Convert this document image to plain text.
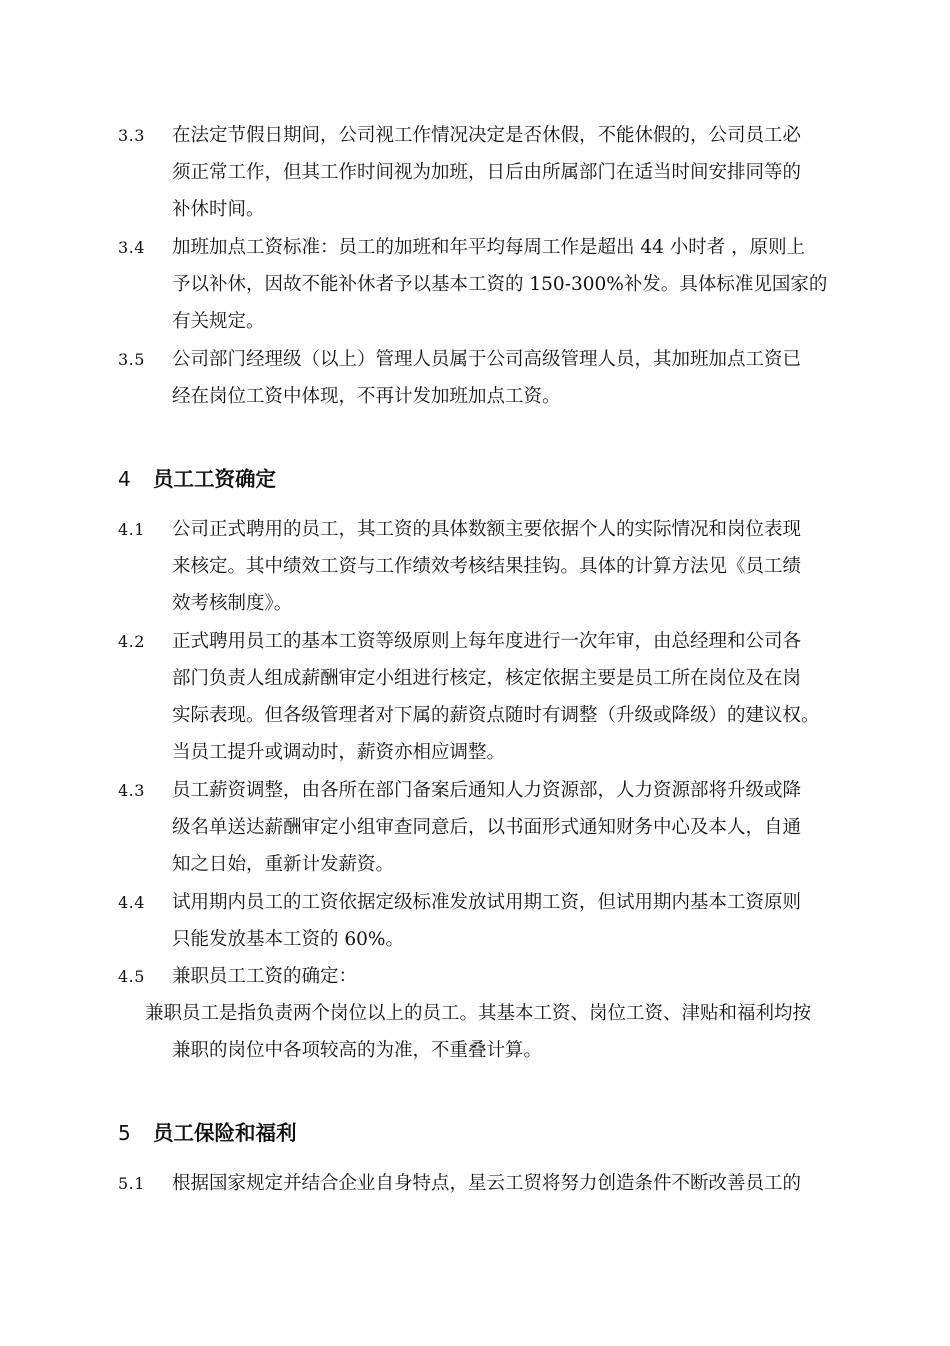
3.3 在法定节假日期间，公司视工作情况决定是否休假，不能休假的，公司员工必
须正常工作，但其工作时间视为加班，日后由所属部门在适当时间安排同等的
补休时间。
3.4 加班加点工资标准：员工的加班和年平均每周工作是超出 44 小时者 ，原则上
予以补休，因故不能补休者予以基本工资的 150-300%补发。具体标准见国家的
有关规定。
3.5 公司部门经理级（以上）管理人员属于公司高级管理人员，其加班加点工资已
经在岗位工资中体现，不再计发加班加点工资。
4 员工工资确定
4.1 公司正式聘用的员工，其工资的具体数额主要依据个人的实际情况和岗位表现
来核定。其中绩效工资与工作绩效考核结果挂钩。具体的计算方法见《员工绩
效考核制度》。
4.2 正式聘用员工的基本工资等级原则上每年度进行一次年审，由总经理和公司各
部门负责人组成薪酬审定小组进行核定，核定依据主要是员工所在岗位及在岗
实际表现。但各级管理者对下属的薪资点随时有调整（升级或降级）的建议权。
当员工提升或调动时，薪资亦相应调整。
4.3 员工薪资调整，由各所在部门备案后通知人力资源部，人力资源部将升级或降
级名单送达薪酬审定小组审查同意后，以书面形式通知财务中心及本人，自通
知之日始，重新计发薪资。
4.4 试用期内员工的工资依据定级标准发放试用期工资，但试用期内基本工资原则
只能发放基本工资的 60%。
4.5 兼职员工工资的确定：
兼职员工是指负责两个岗位以上的员工。其基本工资、岗位工资、津贴和福利均按
兼职的岗位中各项较高的为准，不重叠计算。
5 员工保险和福利
5.1 根据国家规定并结合企业自身特点，星云工贸将努力创造条件不断改善员工的
